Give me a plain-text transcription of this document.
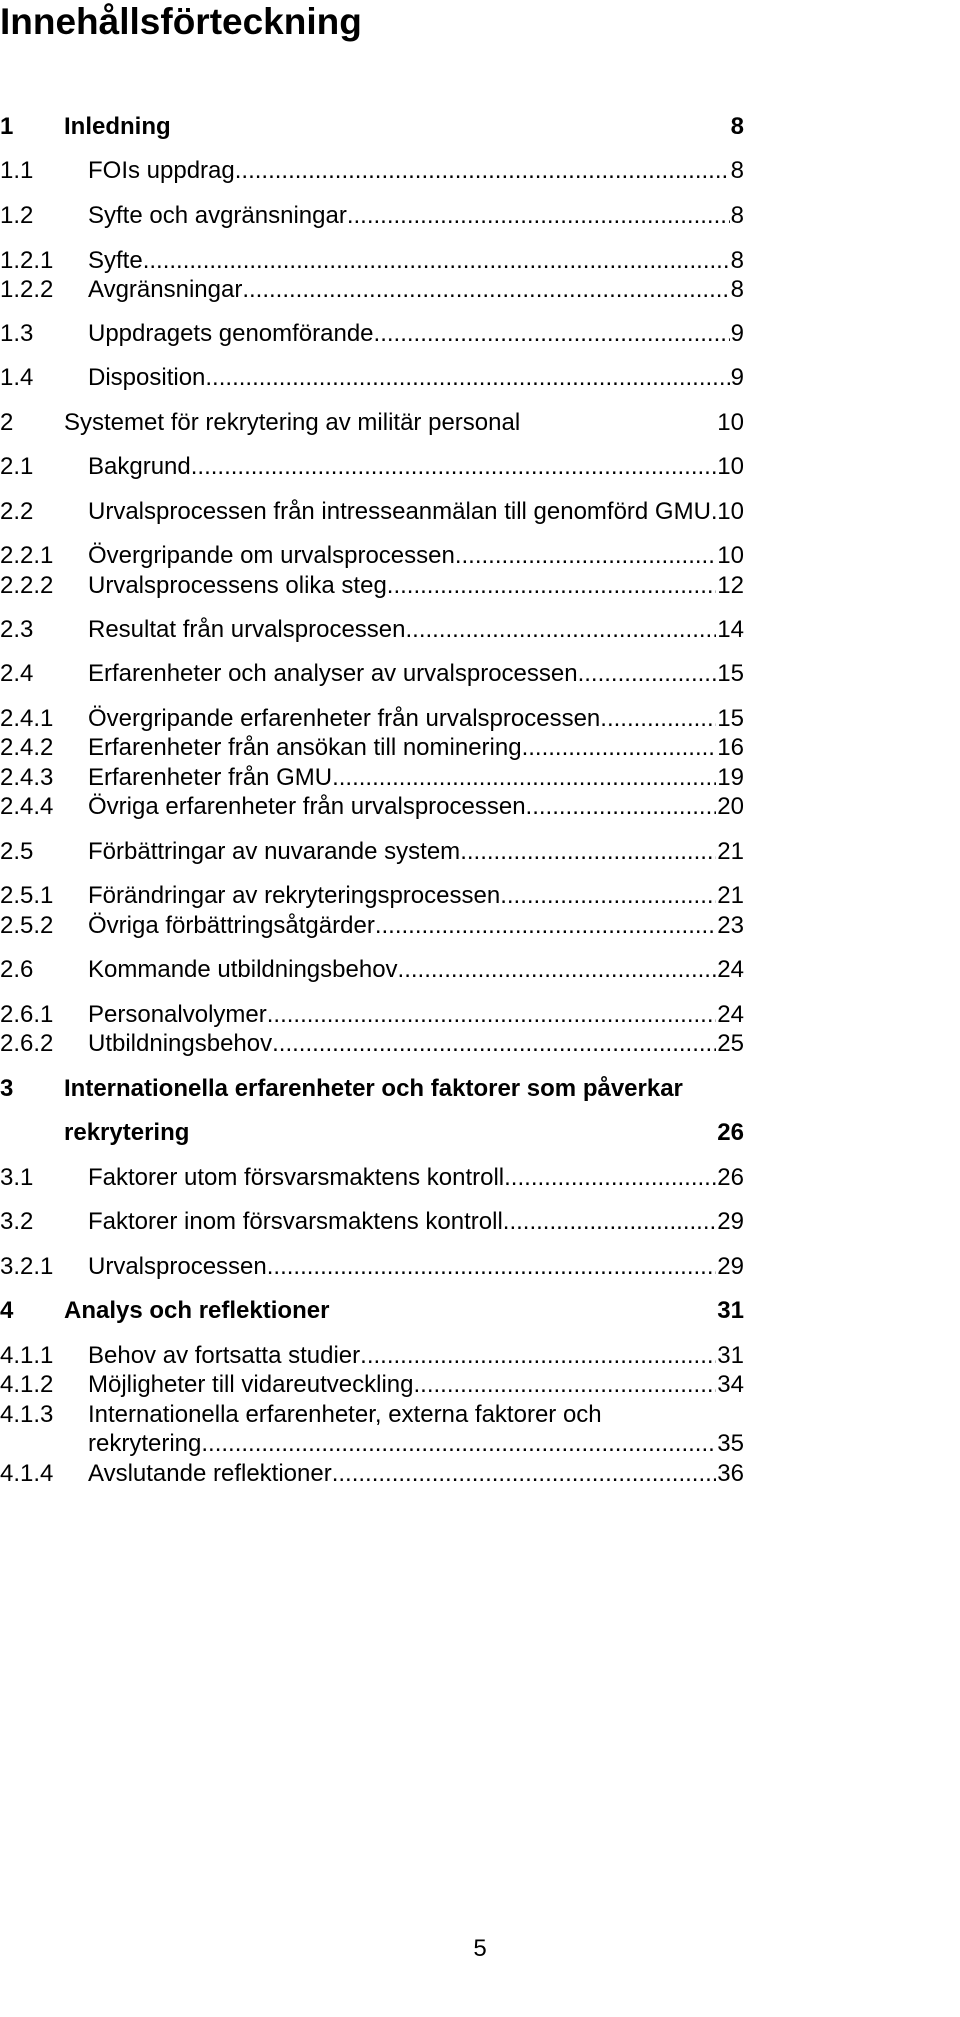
Innehållsförteckning
1 Inledning	8
1.1 FOIs uppdrag .....	8
1.2 Syfte och avgränsningar .....	8
1.2.1 Syfte .....	8
1.2.2 Avgränsningar .....	8
1.3 Uppdragets genomförande .....	9
1.4 Disposition .....	9
2 Systemet för rekrytering av militär personal	10
2.1 Bakgrund .....	10
2.2 Urvalsprocessen från intresseanmälan till genomförd GMU ..... 10
2.2.1 Övergripande om urvalsprocessen .....	10
2.2.2 Urvalsprocessens olika steg .....	12
2.3 Resultat från urvalsprocessen .....	14
2.4 Erfarenheter och analyser av urvalsprocessen .....	15
2.4.1 Övergripande erfarenheter från urvalsprocessen .....	15
2.4.2 Erfarenheter från ansökan till nominering .....	16
2.4.3 Erfarenheter från GMU .....	19
2.4.4 Övriga erfarenheter från urvalsprocessen .....	20
2.5 Förbättringar av nuvarande system .....	21
2.5.1 Förändringar av rekryteringsprocessen .....	21
2.5.2 Övriga förbättringsåtgärder .....	23
2.6 Kommande utbildningsbehov .....	24
2.6.1 Personalvolymer .....	24
2.6.2 Utbildningsbehov .....	25
3 Internationella erfarenheter och faktorer som påverkar
rekrytering	26
3.1 Faktorer utom försvarsmaktens kontroll .....	26
3.2 Faktorer inom försvarsmaktens kontroll .....	29
3.2.1 Urvalsprocessen .....	29
4 Analys och reflektioner	31
4.1.1 Behov av fortsatta studier .....	31
4.1.2 Möjligheter till vidareutveckling .....	34
4.1.3 Internationella erfarenheter, externa faktorer och
rekrytering .....	35
4.1.4 Avslutande reflektioner .....	36
5
